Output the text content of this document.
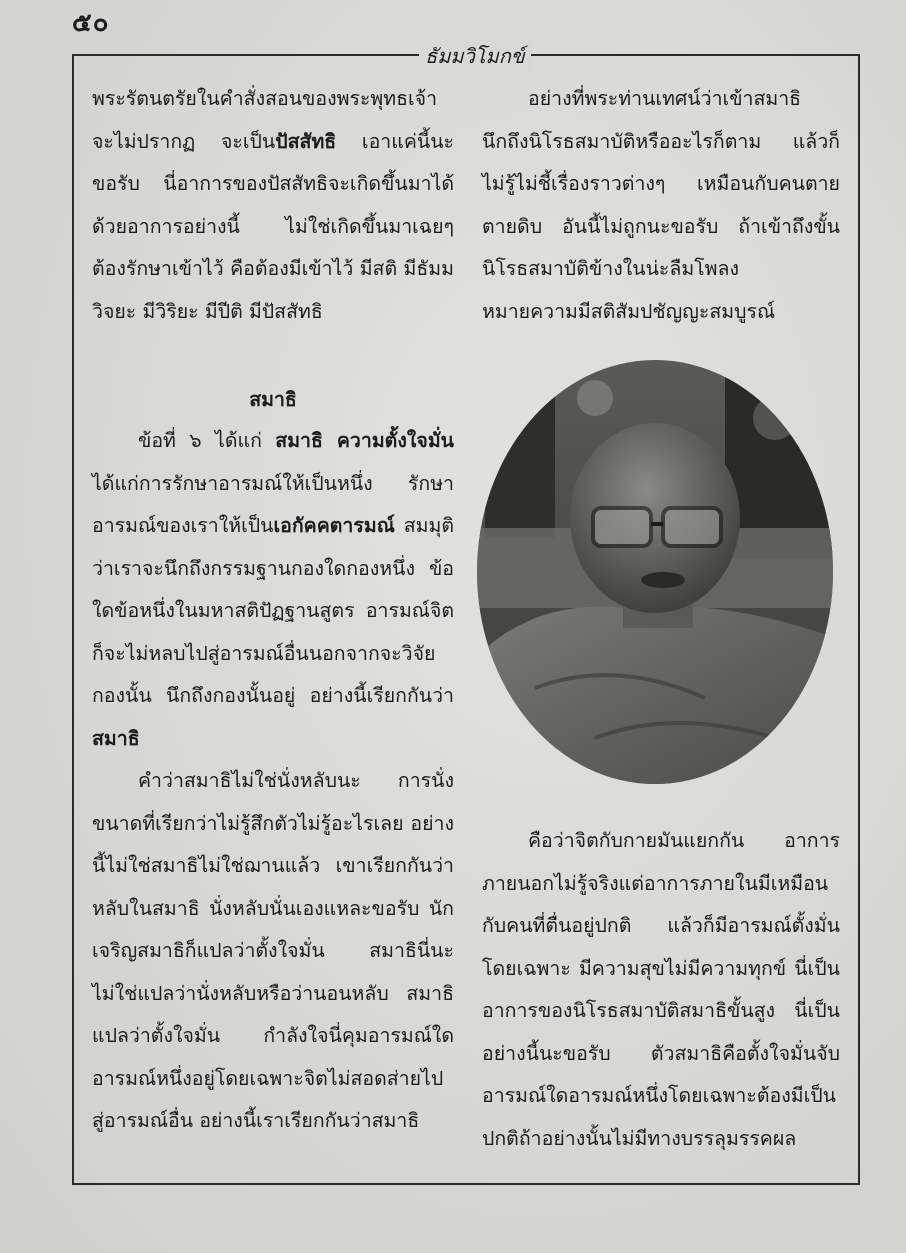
๕๐
ธัมมวิโมกข์

พระรัตนตรัยในคำสั่งสอนของพระพุทธเจ้า จะไม่ปรากฏ จะเป็นปัสสัทธิ เอาแค่นี้นะขอรับ นี่อาการของปัสสัทธิจะเกิดขึ้นมาได้ด้วยอาการอย่างนี้ ไม่ใช่เกิดขึ้นมาเฉยๆ ต้องรักษาเข้าไว้ คือต้องมีเข้าไว้ มีสติ มีธัมมวิจยะ มีวิริยะ มีปีติ มีปัสสัทธิ

สมาธิ

ข้อที่ ๖ ได้แก่ สมาธิ ความตั้งใจมั่น ได้แก่การรักษาอารมณ์ให้เป็นหนึ่ง รักษาอารมณ์ของเราให้เป็นเอกัคคตารมณ์ สมมุติว่าเราจะนึกถึงกรรมฐานกองใดกองหนึ่ง ข้อใดข้อหนึ่งในมหาสติปัฏฐานสูตร อารมณ์จิตก็จะไม่หลบไปสู่อารมณ์อื่นนอกจากจะวิจัยกองนั้น นึกถึงกองนั้นอยู่ อย่างนี้เรียกกันว่าสมาธิ

คำว่าสมาธิไม่ใช่นั่งหลับนะ การนั่งขนาดที่เรียกว่าไม่รู้สึกตัวไม่รู้อะไรเลย อย่างนี้ไม่ใช่สมาธิไม่ใช่ฌานแล้ว เขาเรียกกันว่าหลับในสมาธิ นั่งหลับนั่นเองแหละขอรับ นักเจริญสมาธิก็แปลว่าตั้งใจมั่น สมาธินี่นะไม่ใช่แปลว่านั่งหลับหรือว่านอนหลับ สมาธิแปลว่าตั้งใจมั่น กำลังใจนี่คุมอารมณ์ใดอารมณ์หนึ่งอยู่โดยเฉพาะจิตไม่สอดส่ายไปสู่อารมณ์อื่น อย่างนี้เราเรียกกันว่าสมาธิ

อย่างที่พระท่านเทศน์ว่าเข้าสมาธินึกถึงนิโรธสมาบัติหรืออะไรก็ตาม แล้วก็ไม่รู้ไม่ชี้เรื่องราวต่างๆ เหมือนกับคนตายตายดิบ อันนี้ไม่ถูกนะขอรับ ถ้าเข้าถึงขั้นนิโรธสมาบัติข้างในน่ะลืมโพลง หมายความมีสติสัมปชัญญะสมบูรณ์

คือว่าจิตกับกายมันแยกกัน อาการภายนอกไม่รู้จริงแต่อาการภายในมีเหมือนกับคนที่ตื่นอยู่ปกติ แล้วก็มีอารมณ์ตั้งมั่นโดยเฉพาะ มีความสุขไม่มีความทุกข์ นี่เป็นอาการของนิโรธสมาบัติสมาธิขั้นสูง นี่เป็นอย่างนี้นะขอรับ ตัวสมาธิคือตั้งใจมั่นจับอารมณ์ใดอารมณ์หนึ่งโดยเฉพาะต้องมีเป็นปกติถ้าอย่างนั้นไม่มีทางบรรลุมรรคผล
